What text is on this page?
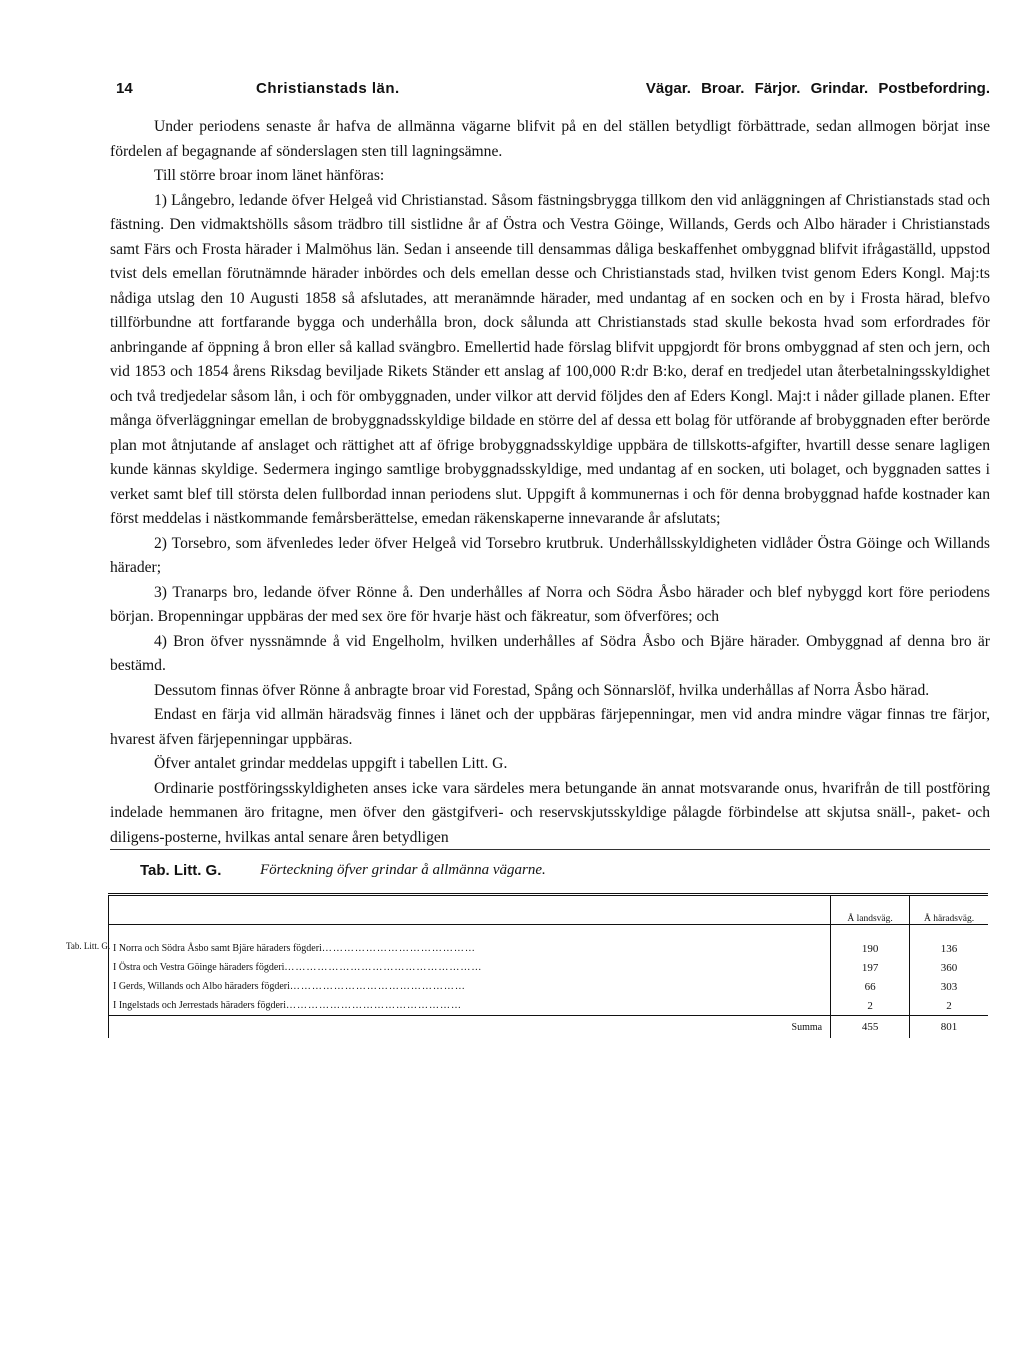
14	Christianstads län.	Vägar. Broar. Färjor. Grindar. Postbefordring.

Under periodens senaste år hafva de allmänna vägarne blifvit på en del ställen betydligt förbättrade, sedan allmogen börjat inse fördelen af begagnande af sönderslagen sten till lagningsämne.

Till större broar inom länet hänföras:

1) Långebro, ledande öfver Helgeå vid Christianstad. Såsom fästningsbrygga tillkom den vid anläggningen af Christianstads stad och fästning. Den vidmaktshölls såsom trädbro till sistlidne år af Östra och Vestra Göinge, Willands, Gerds och Albo härader i Christianstads samt Färs och Frosta härader i Malmöhus län. Sedan i anseende till densammas dåliga beskaffenhet ombyggnad blifvit ifrågaställd, uppstod tvist dels emellan förutnämnde härader inbördes och dels emellan desse och Christianstads stad, hvilken tvist genom Eders Kongl. Maj:ts nådiga utslag den 10 Augusti 1858 så afslutades, att meranämnde härader, med undantag af en socken och en by i Frosta härad, blefvo tillförbundne att fortfarande bygga och underhålla bron, dock sålunda att Christianstads stad skulle bekosta hvad som erfordrades för anbringande af öppning å bron eller så kallad svängbro. Emellertid hade förslag blifvit uppgjordt för brons ombyggnad af sten och jern, och vid 1853 och 1854 årens Riksdag beviljade Rikets Ständer ett anslag af 100,000 R:dr B:ko, deraf en tredjedel utan återbetalningsskyldighet och två tredjedelar såsom lån, i och för ombyggnaden, under vilkor att dervid följdes den af Eders Kongl. Maj:t i nåder gillade planen. Efter många öfverläggningar emellan de brobyggnadsskyldige bildade en större del af dessa ett bolag för utförande af brobyggnaden efter berörde plan mot åtnjutande af anslaget och rättighet att af öfrige brobyggnadsskyldige uppbära de tillskotts-afgifter, hvartill desse senare lagligen kunde kännas skyldige. Sedermera ingingo samtlige brobyggnadsskyldige, med undantag af en socken, uti bolaget, och byggnaden sattes i verket samt blef till största delen fullbordad innan periodens slut. Uppgift å kommunernas i och för denna brobyggnad hafde kostnader kan först meddelas i nästkommande femårsberättelse, emedan räkenskaperne innevarande år afslutats;

2) Torsebro, som äfvenledes leder öfver Helgeå vid Torsebro krutbruk. Underhållsskyldigheten vidlåder Östra Göinge och Willands härader;

3) Tranarps bro, ledande öfver Rönne å. Den underhålles af Norra och Södra Åsbo härader och blef nybyggd kort före periodens början. Bropenningar uppbäras der med sex öre för hvarje häst och fäkreatur, som öfverföres; och

4) Bron öfver nyssnämnde å vid Engelholm, hvilken underhålles af Södra Åsbo och Bjäre härader. Ombyggnad af denna bro är bestämd.

Dessutom finnas öfver Rönne å anbragte broar vid Forestad, Spång och Sönnarslöf, hvilka underhållas af Norra Åsbo härad.

Endast en färja vid allmän häradsväg finnes i länet och der uppbäras färjepenningar, men vid andra mindre vägar finnas tre färjor, hvarest äfven färjepenningar uppbäras.

Öfver antalet grindar meddelas uppgift i tabellen Litt. G.

Ordinarie postföringsskyldigheten anses icke vara särdeles mera betungande än annat motsvarande onus, hvarifrån de till postföring indelade hemmanen äro fritagne, men öfver den gästgifveri- och reservskjutsskyldige pålagde förbindelse att skjutsa snäll-, paket- och diligens-posterne, hvilkas antal senare åren betydligen

Tab. Litt. G.
Tab. Litt. G.	Förteckning öfver grindar å allmänna vägarne.
	Å landsväg.	Å häradsväg.
I Norra och Södra Åsbo samt Bjäre häraders fögderi……………………………………	190	136
I Östra och Vestra Göinge häraders fögderi………………………………………………	197	360
I Gerds, Willands och Albo häraders fögderi…………………………………………	66	303
I Ingelstads och Jerrestads häraders fögderi…………………………………………	2	2
Summa	455	801
